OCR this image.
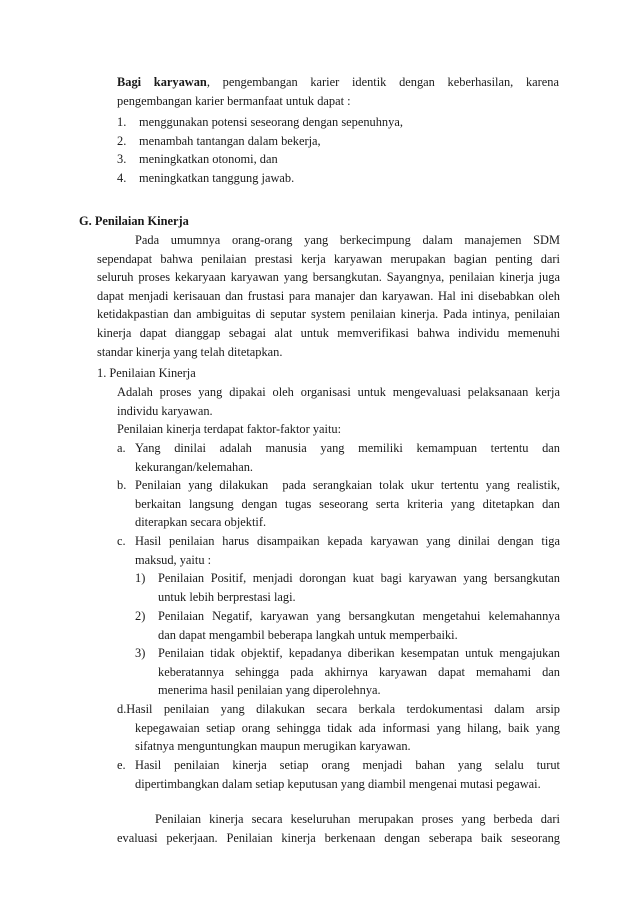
Bagi karyawan, pengembangan karier identik dengan keberhasilan, karena
pengembangan karier bermanfaat untuk dapat :
1. menggunakan potensi seseorang dengan sepenuhnya,
2. menambah tantangan dalam bekerja,
3. meningkatkan otonomi, dan
4. meningkatkan tanggung jawab.
G. Penilaian Kinerja
Pada umumnya orang-orang yang berkecimpung dalam manajemen SDM
sependapat bahwa penilaian prestasi kerja karyawan merupakan bagian penting dari
seluruh proses kekaryaan karyawan yang bersangkutan. Sayangnya, penilaian kinerja juga
dapat menjadi kerisauan dan frustasi para manajer dan karyawan. Hal ini disebabkan oleh
ketidakpastian dan ambiguitas di seputar system penilaian kinerja. Pada intinya, penilaian
kinerja dapat dianggap sebagai alat untuk memverifikasi bahwa individu memenuhi
standar kinerja yang telah ditetapkan.
1. Penilaian Kinerja
Adalah proses yang dipakai oleh organisasi untuk mengevaluasi pelaksanaan kerja
individu karyawan.
Penilaian kinerja terdapat faktor-faktor yaitu:
a. Yang dinilai adalah manusia yang memiliki kemampuan tertentu dan
kekurangan/kelemahan.
b. Penilaian yang dilakukan  pada serangkaian tolak ukur tertentu yang realistik,
berkaitan langsung dengan tugas seseorang serta kriteria yang ditetapkan dan
diterapkan secara objektif.
c. Hasil penilaian harus disampaikan kepada karyawan yang dinilai dengan tiga
maksud, yaitu :
1) Penilaian Positif, menjadi dorongan kuat bagi karyawan yang bersangkutan
untuk lebih berprestasi lagi.
2) Penilaian Negatif, karyawan yang bersangkutan mengetahui kelemahannya
dan dapat mengambil beberapa langkah untuk memperbaiki.
3) Penilaian tidak objektif, kepadanya diberikan kesempatan untuk mengajukan
keberatannya sehingga pada akhirnya karyawan dapat memahami dan
menerima hasil penilaian yang diperolehnya.
d.Hasil penilaian yang dilakukan secara berkala terdokumentasi dalam arsip
kepegawaian setiap orang sehingga tidak ada informasi yang hilang, baik yang
sifatnya menguntungkan maupun merugikan karyawan.
e. Hasil penilaian kinerja setiap orang menjadi bahan yang selalu turut
dipertimbangkan dalam setiap keputusan yang diambil mengenai mutasi pegawai.
Penilaian kinerja secara keseluruhan merupakan proses yang berbeda dari
evaluasi pekerjaan. Penilaian kinerja berkenaan dengan seberapa baik seseorang
